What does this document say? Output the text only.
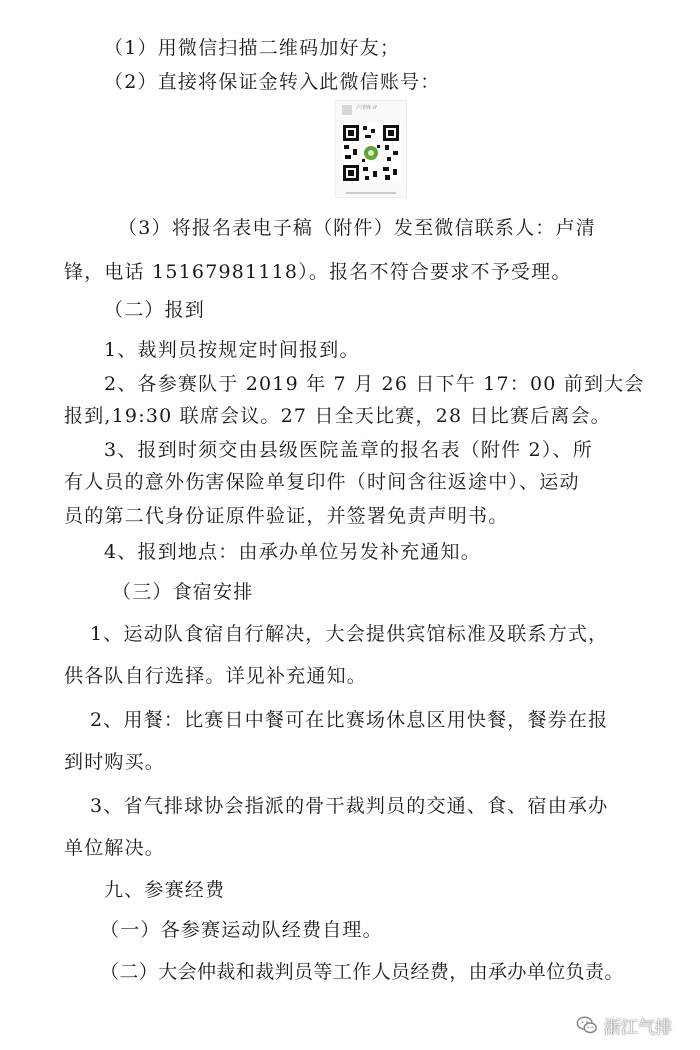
（1）用微信扫描二维码加好友；
（2）直接将保证金转入此微信账号：
卢清锋 ♂
（3）将报名表电子稿（附件）发至微信联系人：卢清
锋，电话 15167981118）。报名不符合要求不予受理。
（二）报到
1、裁判员按规定时间报到。
2、各参赛队于 2019 年 7 月 26 日下午 17：00 前到大会
报到,19:30 联席会议。27 日全天比赛，28 日比赛后离会。
3、报到时须交由县级医院盖章的报名表（附件 2）、所
有人员的意外伤害保险单复印件（时间含往返途中）、运动
员的第二代身份证原件验证，并签署免责声明书。
4、报到地点：由承办单位另发补充通知。
（三）食宿安排
1、运动队食宿自行解决，大会提供宾馆标准及联系方式，
供各队自行选择。详见补充通知。
2、用餐：比赛日中餐可在比赛场休息区用快餐，餐券在报
到时购买。
3、省气排球协会指派的骨干裁判员的交通、食、宿由承办
单位解决。
九、参赛经费
（一）各参赛运动队经费自理。
（二）大会仲裁和裁判员等工作人员经费，由承办单位负责。
浙江气排
